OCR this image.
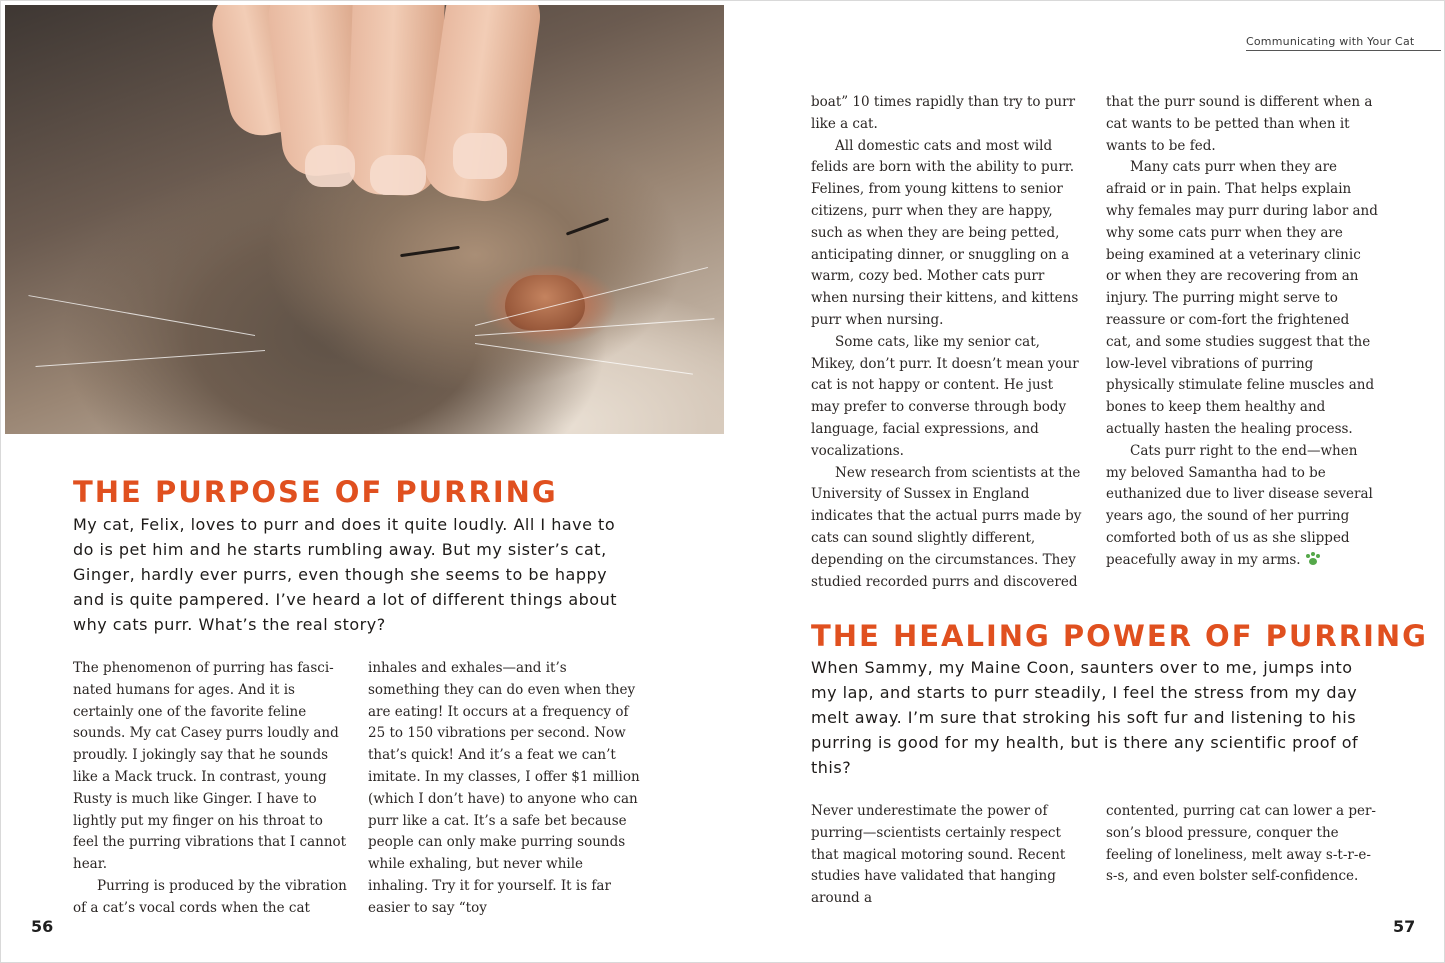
Communicating with Your Cat
THE PURPOSE OF PURRING
My cat, Felix, loves to purr and does it quite loudly. All I have to do is pet him and he starts rumbling away. But my sister’s cat, Ginger, hardly ever purrs, even though she seems to be happy and is quite pampered. I’ve heard a lot of different things about why cats purr. What’s the real story?

The phenomenon of purring has fasci-nated humans for ages. And it is certainly one of the favorite feline sounds. My cat Casey purrs loudly and proudly. I jokingly say that he sounds like a Mack truck. In contrast, young Rusty is much like Ginger. I have to lightly put my finger on his throat to feel the purring vibrations that I cannot hear.

Purring is produced by the vibration of a cat’s vocal cords when the cat

inhales and exhales—and it’s something they can do even when they are eating! It occurs at a frequency of 25 to 150 vibrations per second. Now that’s quick! And it’s a feat we can’t imitate. In my classes, I offer $1 million (which I don’t have) to anyone who can purr like a cat. It’s a safe bet because people can only make purring sounds while exhaling, but never while inhaling. Try it for yourself. It is far easier to say “toy

boat” 10 times rapidly than try to purr like a cat.

All domestic cats and most wild felids are born with the ability to purr. Felines, from young kittens to senior citizens, purr when they are happy, such as when they are being petted, anticipating dinner, or snuggling on a warm, cozy bed. Mother cats purr when nursing their kittens, and kittens purr when nursing.

Some cats, like my senior cat, Mikey, don’t purr. It doesn’t mean your cat is not happy or content. He just may prefer to converse through body language, facial expressions, and vocalizations.

New research from scientists at the University of Sussex in England indicates that the actual purrs made by cats can sound slightly different, depending on the circumstances. They studied recorded purrs and discovered

that the purr sound is different when a cat wants to be petted than when it wants to be fed.

Many cats purr when they are afraid or in pain. That helps explain why females may purr during labor and why some cats purr when they are being examined at a veterinary clinic or when they are recovering from an injury. The purring might serve to reassure or com-fort the frightened cat, and some studies suggest that the low-level vibrations of purring physically stimulate feline muscles and bones to keep them healthy and actually hasten the healing process.

Cats purr right to the end—when my beloved Samantha had to be euthanized due to liver disease several years ago, the sound of her purring comforted both of us as she slipped peacefully away in my arms.

THE HEALING POWER OF PURRING
When Sammy, my Maine Coon, saunters over to me, jumps into my lap, and starts to purr steadily, I feel the stress from my day melt away. I’m sure that stroking his soft fur and listening to his purring is good for my health, but is there any scientific proof of this?

Never underestimate the power of purring—scientists certainly respect that magical motoring sound. Recent studies have validated that hanging around a

contented, purring cat can lower a per-son’s blood pressure, conquer the feeling of loneliness, melt away s-t-r-e-s-s, and even bolster self-confidence.

56	57
